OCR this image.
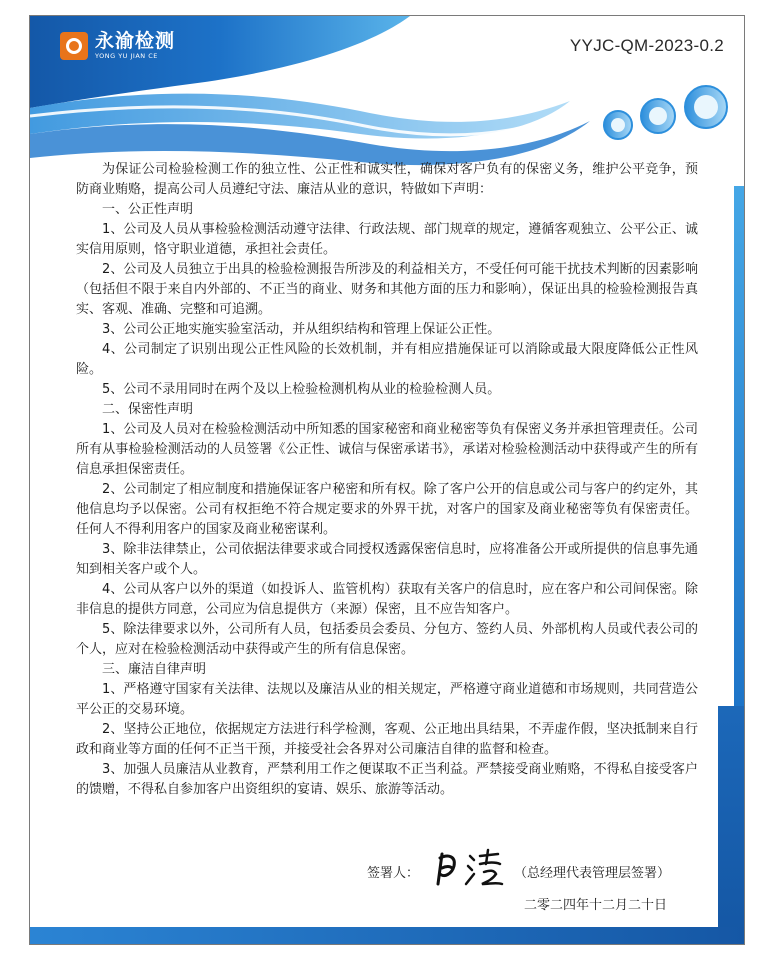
永渝检测
YONG YU JIAN CE
YYJC-QM-2023-0.2

为保证公司检验检测工作的独立性、公正性和诚实性，确保对客户负有的保密义务，维护公平竞争，预防商业贿赂，提高公司人员遵纪守法、廉洁从业的意识，特做如下声明：

一、公正性声明

1、公司及人员从事检验检测活动遵守法律、行政法规、部门规章的规定，遵循客观独立、公平公正、诚实信用原则，恪守职业道德，承担社会责任。

2、公司及人员独立于出具的检验检测报告所涉及的利益相关方，不受任何可能干扰技术判断的因素影响（包括但不限于来自内外部的、不正当的商业、财务和其他方面的压力和影响），保证出具的检验检测报告真实、客观、准确、完整和可追溯。

3、公司公正地实施实验室活动，并从组织结构和管理上保证公正性。

4、公司制定了识别出现公正性风险的长效机制，并有相应措施保证可以消除或最大限度降低公正性风险。

5、公司不录用同时在两个及以上检验检测机构从业的检验检测人员。

二、保密性声明

1、公司及人员对在检验检测活动中所知悉的国家秘密和商业秘密等负有保密义务并承担管理责任。公司所有从事检验检测活动的人员签署《公正性、诚信与保密承诺书》，承诺对检验检测活动中获得或产生的所有信息承担保密责任。

2、公司制定了相应制度和措施保证客户秘密和所有权。除了客户公开的信息或公司与客户的约定外，其他信息均予以保密。公司有权拒绝不符合规定要求的外界干扰，对客户的国家及商业秘密等负有保密责任。任何人不得利用客户的国家及商业秘密谋利。

3、除非法律禁止，公司依据法律要求或合同授权透露保密信息时，应将准备公开或所提供的信息事先通知到相关客户或个人。

4、公司从客户以外的渠道（如投诉人、监管机构）获取有关客户的信息时，应在客户和公司间保密。除非信息的提供方同意，公司应为信息提供方（来源）保密，且不应告知客户。

5、除法律要求以外，公司所有人员，包括委员会委员、分包方、签约人员、外部机构人员或代表公司的个人，应对在检验检测活动中获得或产生的所有信息保密。

三、廉洁自律声明

1、严格遵守国家有关法律、法规以及廉洁从业的相关规定，严格遵守商业道德和市场规则，共同营造公平公正的交易环境。

2、坚持公正地位，依据规定方法进行科学检测，客观、公正地出具结果，不弄虚作假，坚决抵制来自行政和商业等方面的任何不正当干预，并接受社会各界对公司廉洁自律的监督和检查。

3、加强人员廉洁从业教育，严禁利用工作之便谋取不正当利益。严禁接受商业贿赂，不得私自接受客户的馈赠，不得私自参加客户出资组织的宴请、娱乐、旅游等活动。

签署人：	（总经理代表管理层签署）
二零二四年十二月二十日
